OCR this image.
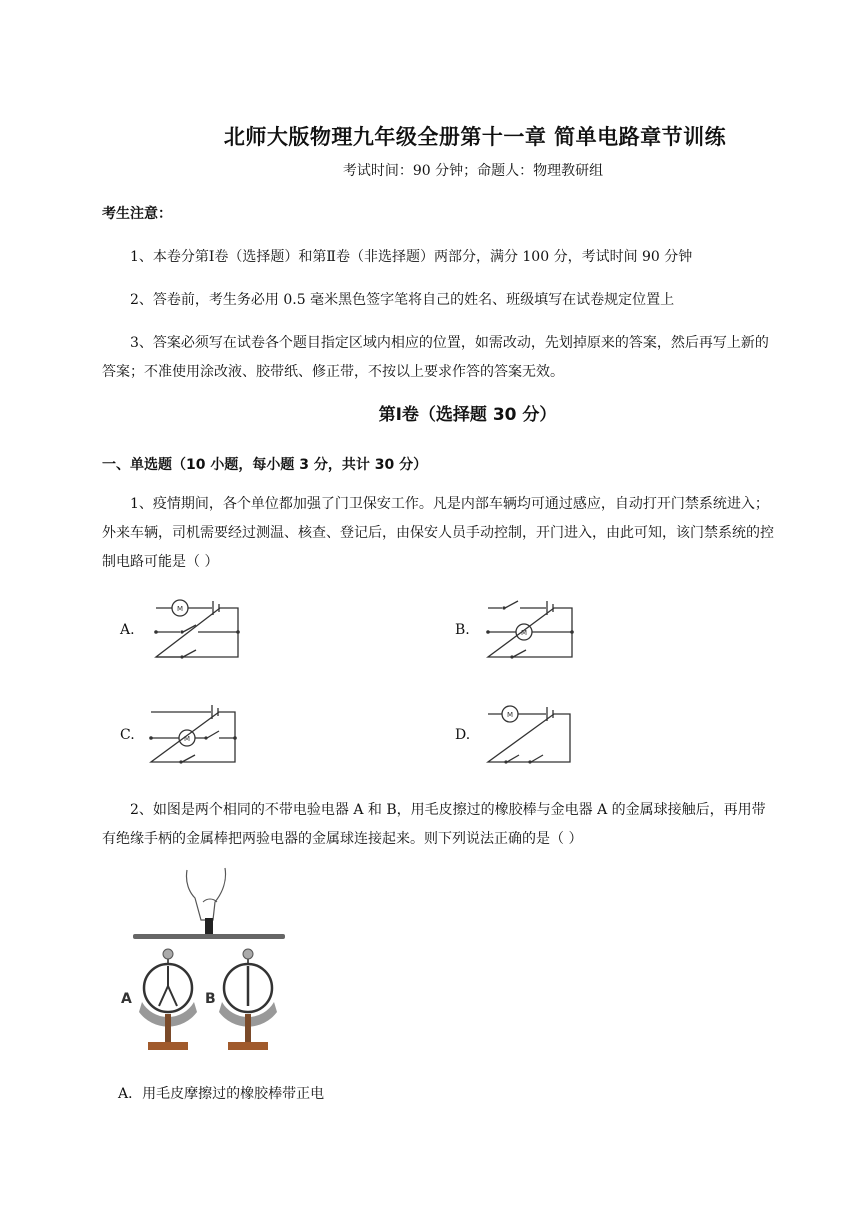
北师大版物理九年级全册第十一章 简单电路章节训练
考试时间：90 分钟；命题人：物理教研组
考生注意：
1、本卷分第Ⅰ卷（选择题）和第Ⅱ卷（非选择题）两部分，满分 100 分，考试时间 90 分钟
2、答卷前，考生务必用 0.5 毫米黑色签字笔将自己的姓名、班级填写在试卷规定位置上
3、答案必须写在试卷各个题目指定区域内相应的位置，如需改动，先划掉原来的答案，然后再写上新的答案；不准使用涂改液、胶带纸、修正带，不按以上要求作答的答案无效。
第Ⅰ卷（选择题 30 分）
一、单选题（10 小题，每小题 3 分，共计 30 分）
1、疫情期间，各个单位都加强了门卫保安工作。凡是内部车辆均可通过感应，自动打开门禁系统进入；外来车辆，司机需要经过测温、核查、登记后，由保安人员手动控制，开门进入，由此可知，该门禁系统的控制电路可能是（ ）
A.	B.
C.	D.
M
M
M
M
2、如图是两个相同的不带电验电器 A 和 B，用毛皮擦过的橡胶棒与金电器 A 的金属球接触后，再用带有绝缘手柄的金属棒把两验电器的金属球连接起来。则下列说法正确的是（ ）
A	B
A．用毛皮摩擦过的橡胶棒带正电
